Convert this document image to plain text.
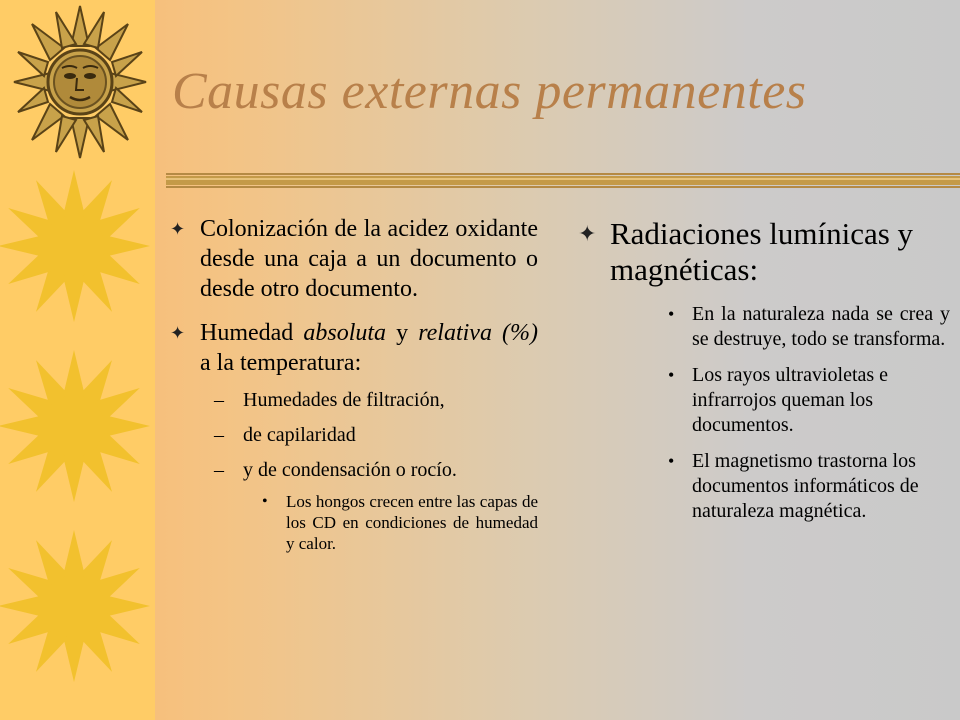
Causas externas permanentes
✦ Colonización de la acidez oxidante desde una caja a un documento o desde otro documento.

✦ Humedad absoluta y relativa (%) a la temperatura:

– Humedades de filtración,
– de capilaridad
– y de condensación o rocío.
• Los hongos crecen entre las capas de los CD en condiciones de humedad y calor.
✦ Radiaciones lumínicas y magnéticas:

• En la naturaleza nada se crea y se destruye, todo se transforma.

• Los rayos ultravioletas e infrarrojos queman los documentos.

• El magnetismo trastorna los documentos informáticos de naturaleza magnética.
